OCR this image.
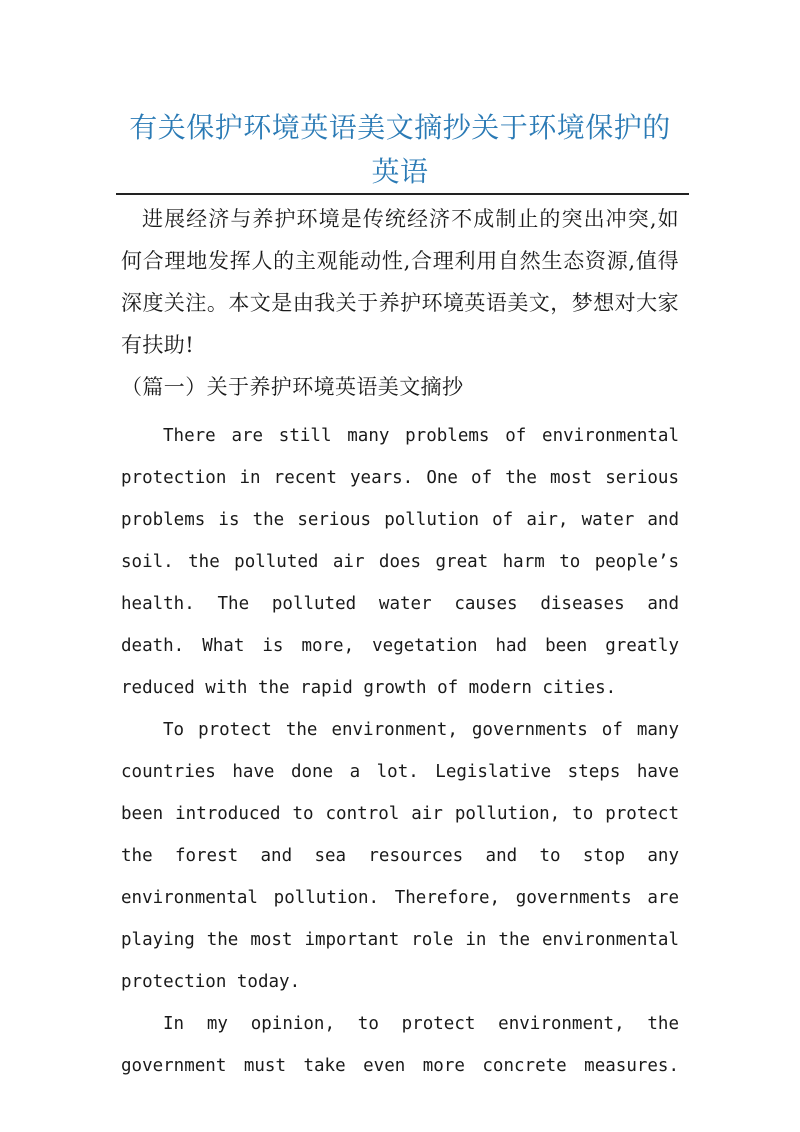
有关保护环境英语美文摘抄关于环境保护的英语

进展经济与养护环境是传统经济不成制止的突出冲突,如何合理地发挥人的主观能动性,合理利用自然生态资源,值得深度关注。本文是由我关于养护环境英语美文，梦想对大家有扶助!

（篇一）关于养护环境英语美文摘抄

There are still many problems of environmental protection in recent years. One of the most serious problems is the serious pollution of air, water and soil. the polluted air does great harm to people’s health. The polluted water causes diseases and death. What is more, vegetation had been greatly reduced with the rapid growth of modern cities.

To protect the environment, governments of many countries have done a lot. Legislative steps have been introduced to control air pollution, to protect the forest and sea resources and to stop any environmental pollution. Therefore, governments are playing the most important role in the environmental protection today.

In my opinion, to protect environment, the government must take even more concrete measures.
